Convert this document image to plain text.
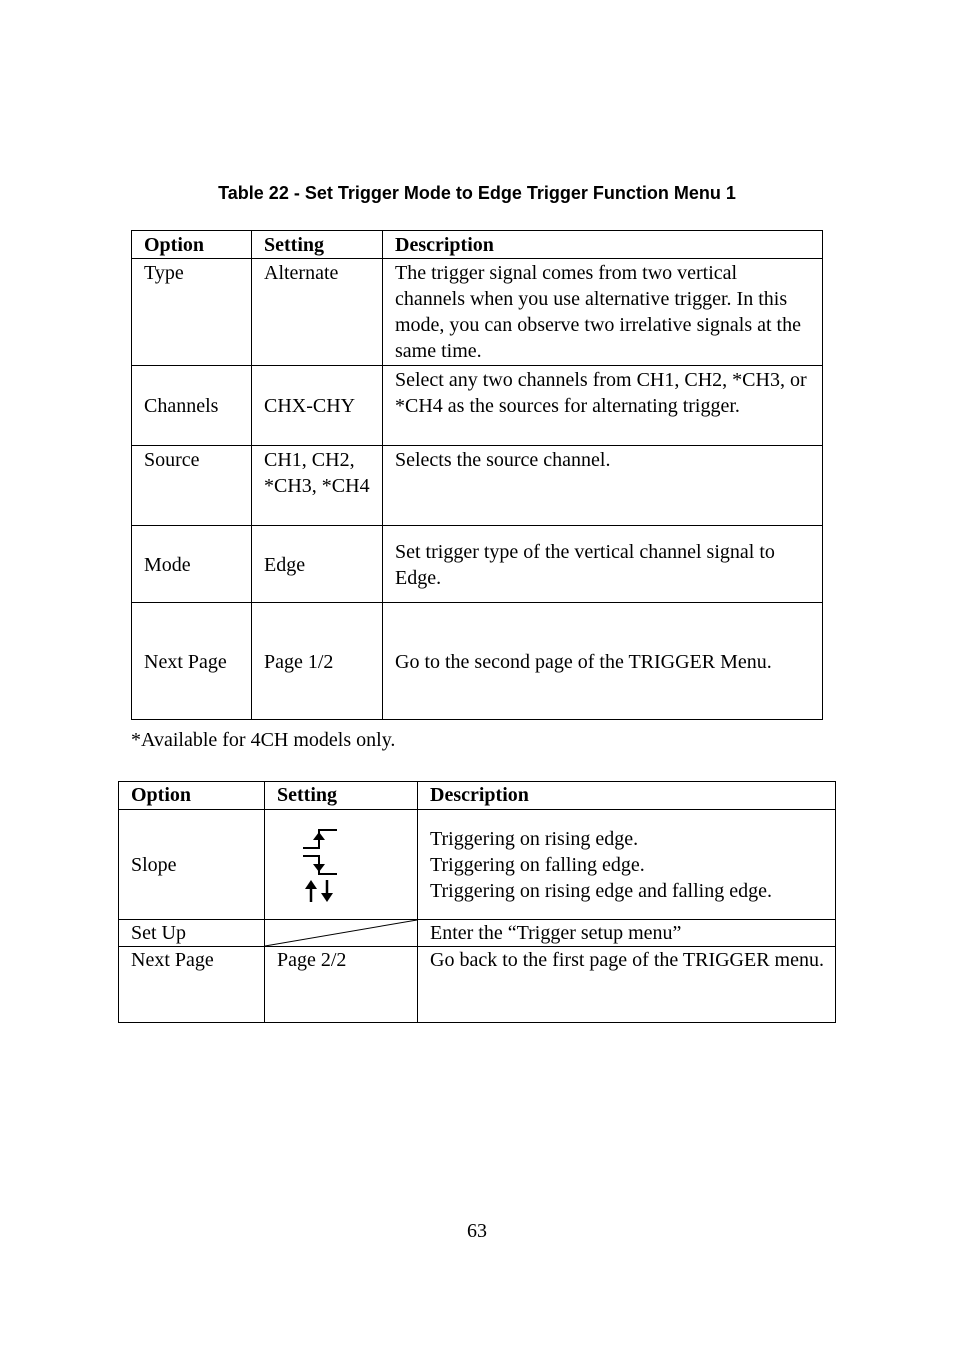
Table 22 - Set Trigger Mode to Edge Trigger Function Menu 1
Option	Setting	Description
Type	Alternate	The trigger signal comes from two vertical channels when you use alternative trigger. In this mode, you can observe two irrelative signals at the same time.
Channels	CHX-CHY	Select any two channels from CH1, CH2, *CH3, or *CH4 as the sources for alternating trigger.
Source	CH1, CH2, *CH3, *CH4	Selects the source channel.
Mode	Edge	Set trigger type of the vertical channel signal to Edge.
Next Page	Page 1/2	Go to the second page of the TRIGGER Menu.
*Available for 4CH models only.
Option	Setting	Description
Slope		Triggering on rising edge.
Triggering on falling edge.
Triggering on rising edge and falling edge.

Set Up		Enter the “Trigger setup menu”
Next Page	Page 2/2	Go back to the first page of the TRIGGER menu.
63
